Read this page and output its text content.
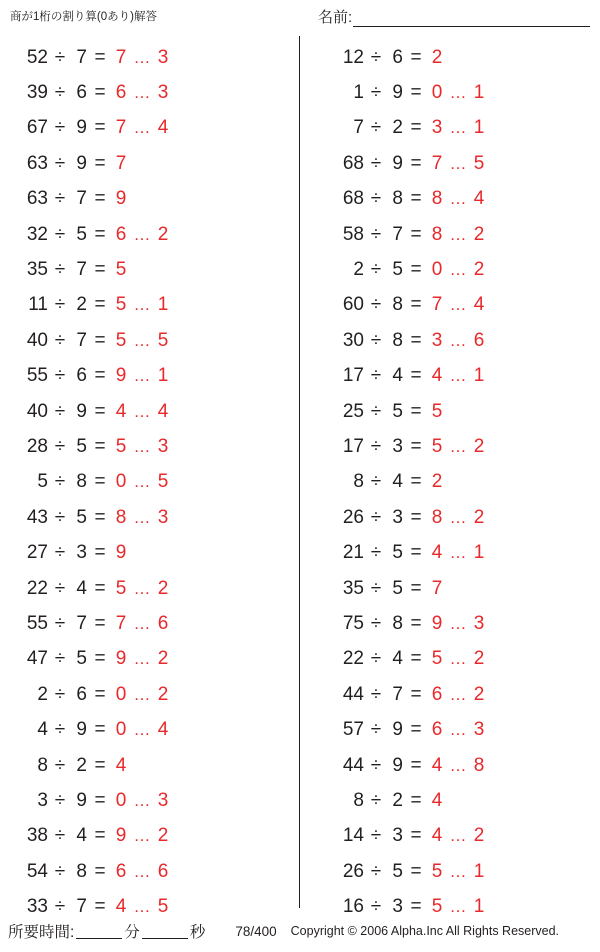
商が1桁の割り算(0あり)解答	名前:
52 ÷ 7 = 7 … 3
39 ÷ 6 = 6 … 3
67 ÷ 9 = 7 … 4
63 ÷ 9 = 7
63 ÷ 7 = 9
32 ÷ 5 = 6 … 2
35 ÷ 7 = 5
11 ÷ 2 = 5 … 1
40 ÷ 7 = 5 … 5
55 ÷ 6 = 9 … 1
40 ÷ 9 = 4 … 4
28 ÷ 5 = 5 … 3
5 ÷ 8 = 0 … 5
43 ÷ 5 = 8 … 3
27 ÷ 3 = 9
22 ÷ 4 = 5 … 2
55 ÷ 7 = 7 … 6
47 ÷ 5 = 9 … 2
2 ÷ 6 = 0 … 2
4 ÷ 9 = 0 … 4
8 ÷ 2 = 4
3 ÷ 9 = 0 … 3
38 ÷ 4 = 9 … 2
54 ÷ 8 = 6 … 6
33 ÷ 7 = 4 … 5
12 ÷ 6 = 2
1 ÷ 9 = 0 … 1
7 ÷ 2 = 3 … 1
68 ÷ 9 = 7 … 5
68 ÷ 8 = 8 … 4
58 ÷ 7 = 8 … 2
2 ÷ 5 = 0 … 2
60 ÷ 8 = 7 … 4
30 ÷ 8 = 3 … 6
17 ÷ 4 = 4 … 1
25 ÷ 5 = 5
17 ÷ 3 = 5 … 2
8 ÷ 4 = 2
26 ÷ 3 = 8 … 2
21 ÷ 5 = 4 … 1
35 ÷ 5 = 7
75 ÷ 8 = 9 … 3
22 ÷ 4 = 5 … 2
44 ÷ 7 = 6 … 2
57 ÷ 9 = 6 … 3
44 ÷ 9 = 4 … 8
8 ÷ 2 = 4
14 ÷ 3 = 4 … 2
26 ÷ 5 = 5 … 1
16 ÷ 3 = 5 … 1
所要時間:	分	秒 78/400 Copyright © 2006 Alpha.Inc All Rights Reserved.
